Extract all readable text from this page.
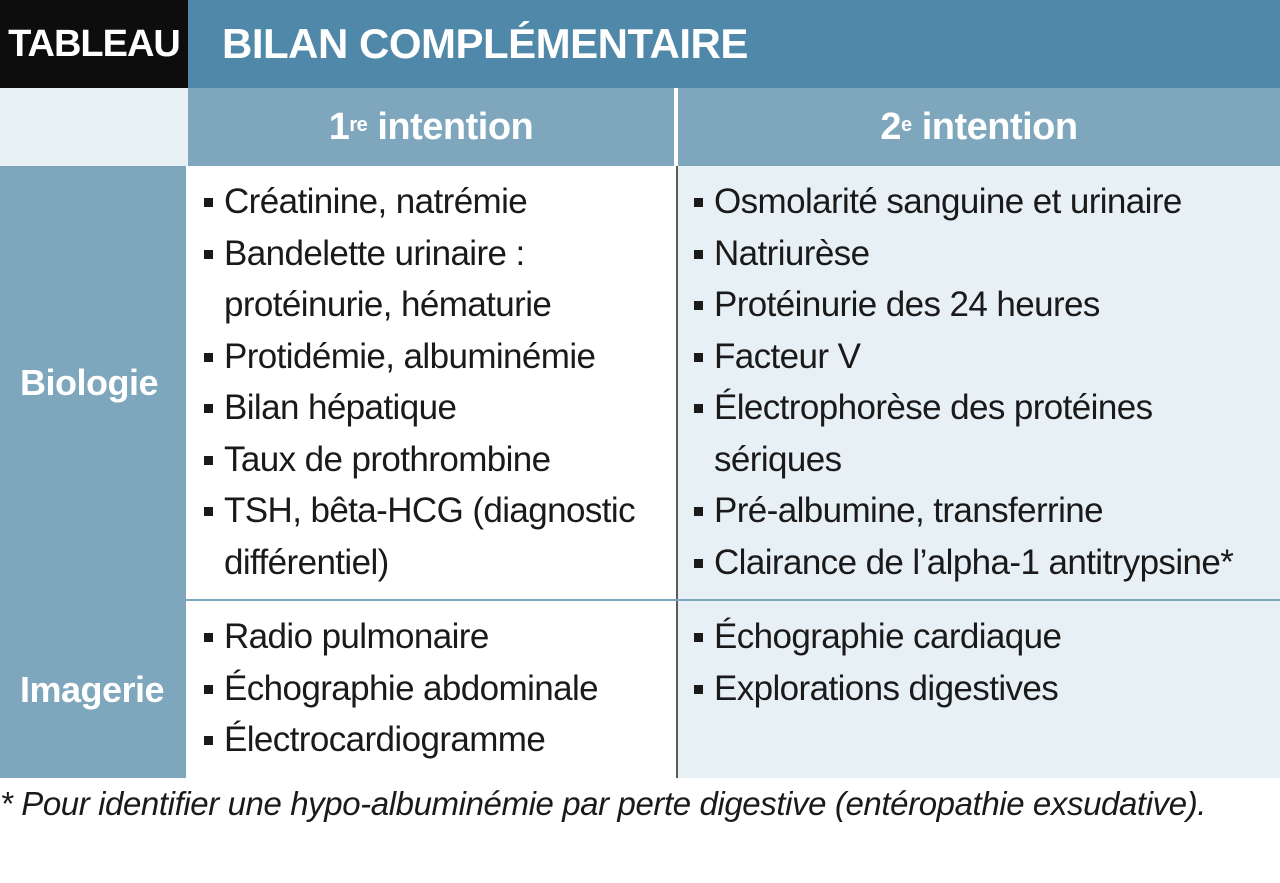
TABLEAU	BILAN COMPLÉMENTAIRE
1re intention	2e intention
Biologie
Créatinine, natrémie
Bandelette urinaire :
protéinurie, hématurie
Protidémie, albuminémie
Bilan hépatique
Taux de prothrombine
TSH, bêta-HCG (diagnostic
différentiel)
Osmolarité sanguine et urinaire
Natriurèse
Protéinurie des 24 heures
Facteur V
Électrophorèse des protéines
sériques
Pré-albumine, transferrine
Clairance de l’alpha-1 antitrypsine*
Imagerie
Radio pulmonaire
Échographie abdominale
Électrocardiogramme
Échographie cardiaque
Explorations digestives
* Pour identifier une hypo-albuminémie par perte digestive (entéropathie exsudative).
